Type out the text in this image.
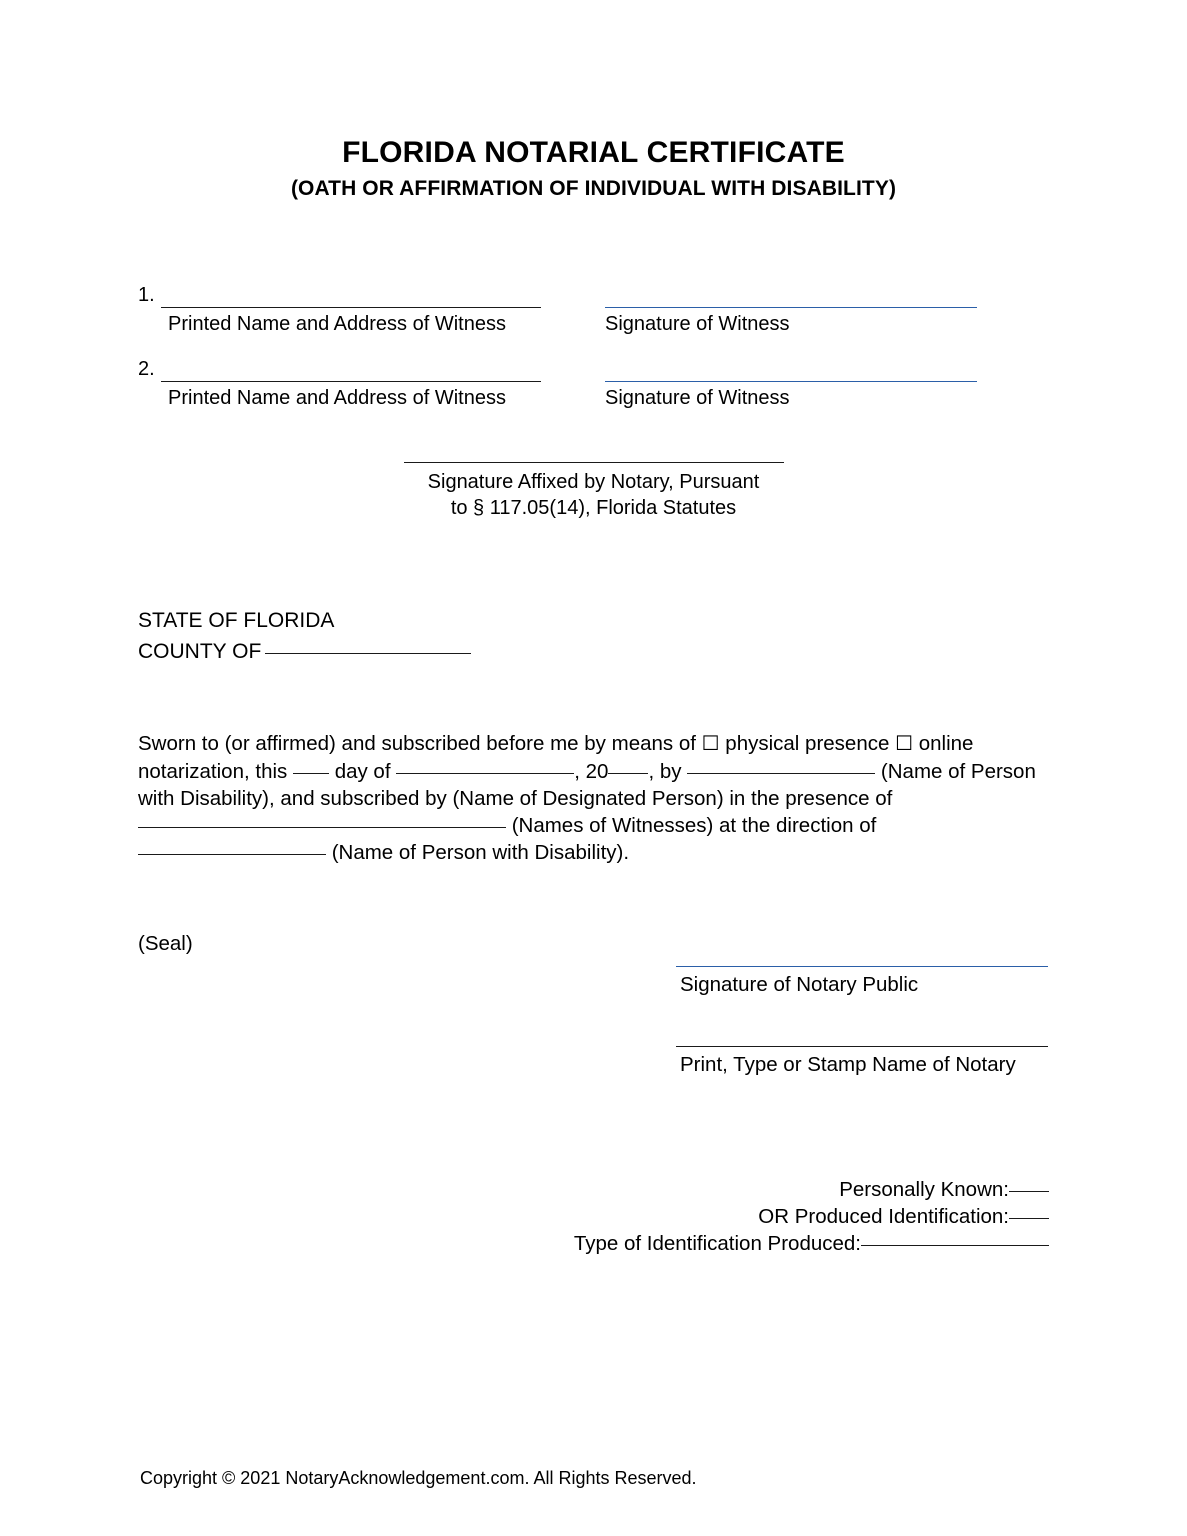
FLORIDA NOTARIAL CERTIFICATE
(OATH OR AFFIRMATION OF INDIVIDUAL WITH DISABILITY)
1.
Printed Name and Address of Witness	Signature of Witness
2.
Printed Name and Address of Witness	Signature of Witness
Signature Affixed by Notary, Pursuant
to § 117.05(14), Florida Statutes
STATE OF FLORIDA
COUNTY OF

Sworn to (or affirmed) and subscribed before me by means of ☐ physical presence ☐ online notarization, this day of	, 20 , by	(Name of Person with Disability), and subscribed by (Name of Designated Person) in the presence of  (Names of Witnesses) at the direction of
(Name of Person with Disability).

(Seal)
Signature of Notary Public
Print, Type or Stamp Name of Notary
Personally Known:
OR Produced Identification:
Type of Identification Produced:
Copyright © 2021 NotaryAcknowledgement.com. All Rights Reserved.
